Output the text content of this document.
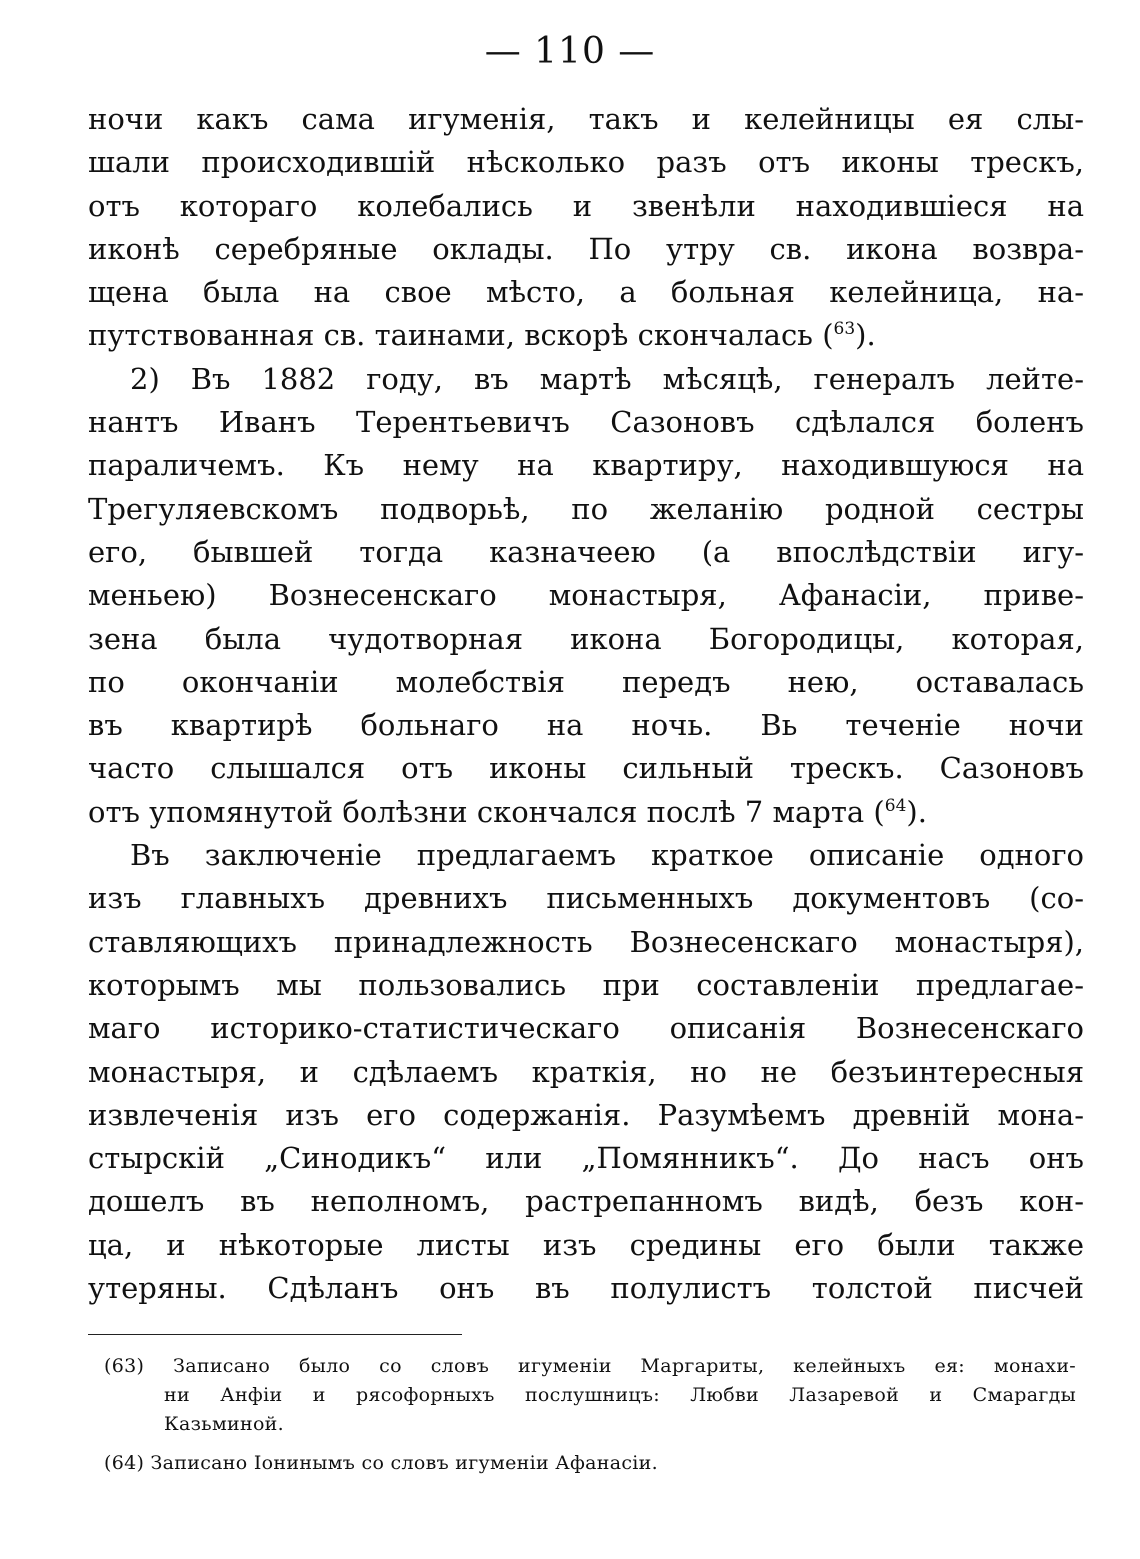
— 110 —
ночи какъ сама игуменія, такъ и келейницы ея слы-
шали происходившій нѣсколько разъ отъ иконы трескъ,
отъ котораго колебались и звенѣли находившіеся на
иконѣ серебряные оклады. По утру св. икона возвра-
щена была на свое мѣсто, а больная келейница, на-
путствованная св. таинами, вскорѣ скончалась ($^{63}$).
2) Въ 1882 году, въ мартѣ мѣсяцѣ, генералъ лейте-
нантъ Иванъ Терентьевичъ Сазоновъ сдѣлался боленъ
параличемъ. Къ нему на квартиру, находившуюся на
Трегуляевскомъ подворьѣ, по желанію родной сестры
его, бывшей тогда казначеею (а впослѣдствіи игу-
меньею) Вознесенскаго монастыря, Афанасіи, приве-
зена была чудотворная икона Богородицы, которая,
по окончаніи молебствія передъ нею, оставалась
въ квартирѣ больнаго на ночь. Вь теченіе ночи
часто слышался отъ иконы сильный трескъ. Сазоновъ
отъ упомянутой болѣзни скончался послѣ 7 марта ($^{64}$).
Въ заключеніе предлагаемъ краткое описаніе одного
изъ главныхъ древнихъ письменныхъ документовъ (со-
ставляющихъ принадлежность Вознесенскаго монастыря),
которымъ мы пользовались при составленіи предлагае-
маго историко-статистическаго описанія Вознесенскаго
монастыря, и сдѣлаемъ краткія, но не безъинтересныя
извлеченія изъ его содержанія. Разумѣемъ древній мона-
стырскій „Синодикъ“ или „Помянникъ“. До насъ онъ
дошелъ въ неполномъ, растрепанномъ видѣ, безъ кон-
ца, и нѣкоторые листы изъ средины его были также
утеряны. Сдѣланъ онъ въ полулистъ толстой писчей
(63) Записано было со словъ игуменіи Маргариты, келейныхъ ея: монахи-
ни Анфіи и рясофорныхъ послушницъ: Любви Лазаревой и Смарагды
Казьминой.
(64) Записано Іонинымъ со словъ игуменіи Афанасіи.
